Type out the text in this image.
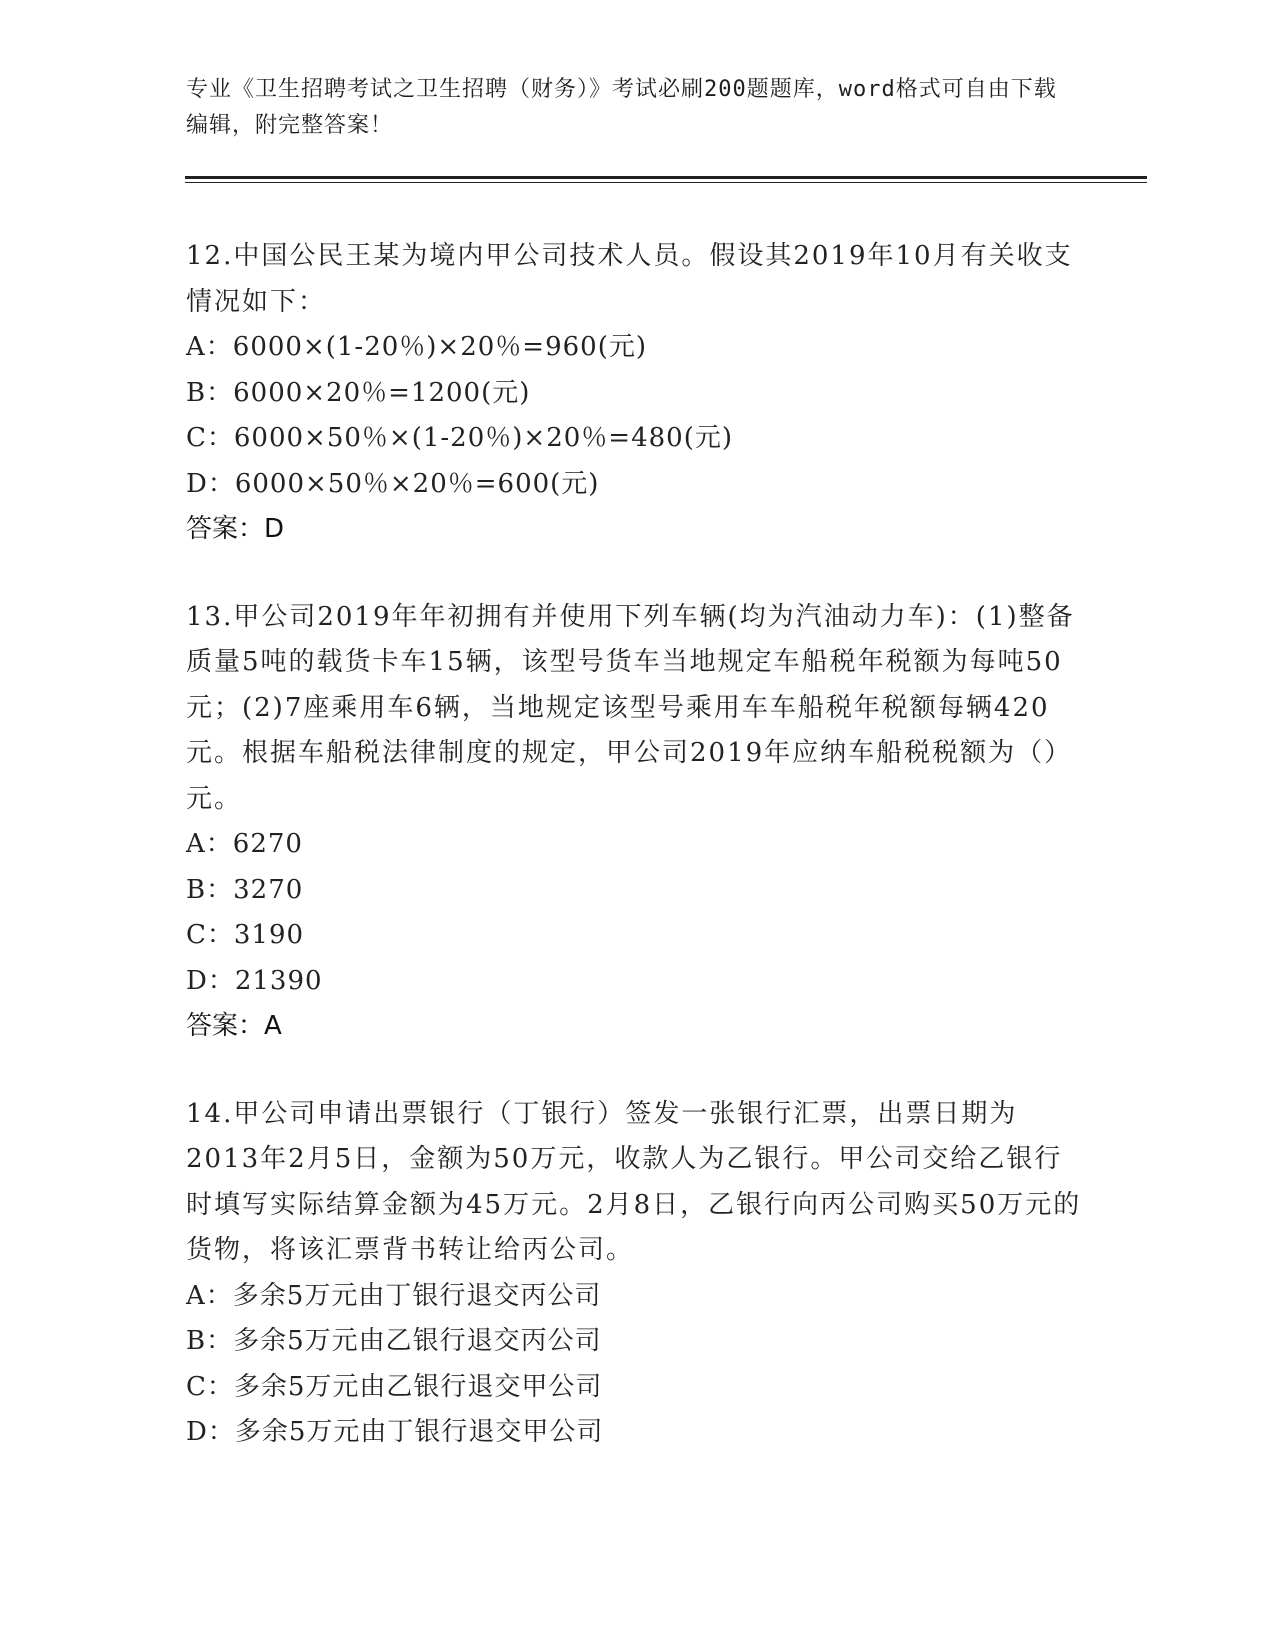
专业《卫生招聘考试之卫生招聘（财务）》考试必刷200题题库，word格式可自由下载编辑，附完整答案！

12.中国公民王某为境内甲公司技术人员。假设其2019年10月有关收支情况如下：

A：6000×(1-20％)×20％=960(元)

B：6000×20％=1200(元)

C：6000×50％×(1-20％)×20％=480(元)

D：6000×50％×20％=600(元)

答案：D

13.甲公司2019年年初拥有并使用下列车辆(均为汽油动力车)：(1)整备质量5吨的载货卡车15辆，该型号货车当地规定车船税年税额为每吨50元；(2)7座乘用车6辆，当地规定该型号乘用车车船税年税额每辆420元。根据车船税法律制度的规定，甲公司2019年应纳车船税税额为（）元。

A：6270

B：3270

C：3190

D：21390

答案：A

14.甲公司申请出票银行（丁银行）签发一张银行汇票，出票日期为2013年2月5日，金额为50万元，收款人为乙银行。甲公司交给乙银行时填写实际结算金额为45万元。2月8日，乙银行向丙公司购买50万元的货物，将该汇票背书转让给丙公司。

A：多余5万元由丁银行退交丙公司

B：多余5万元由乙银行退交丙公司

C：多余5万元由乙银行退交甲公司

D：多余5万元由丁银行退交甲公司
